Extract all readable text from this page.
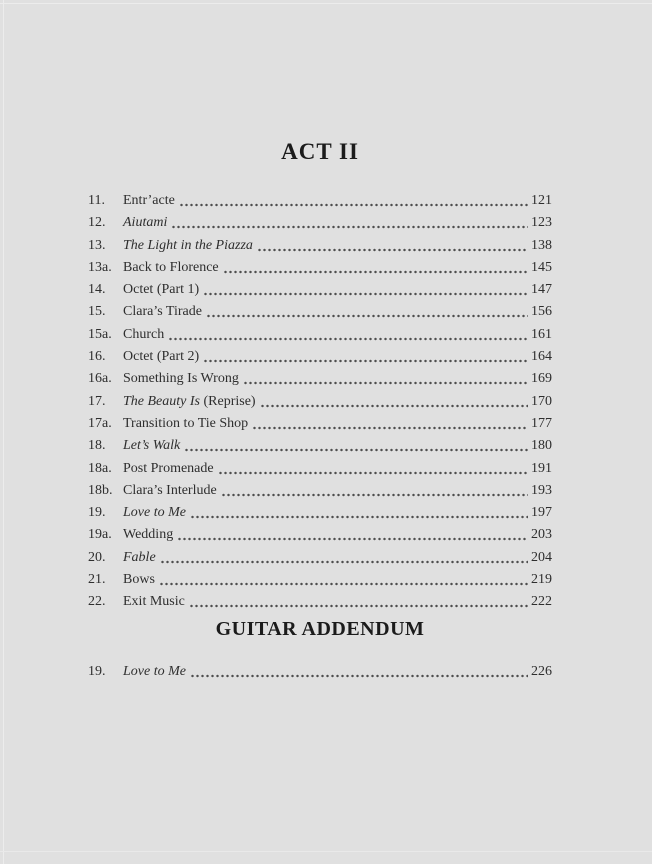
ACT II
11.	Entr’acte	121
12.	Aiutami	123
13.	The Light in the Piazza	138
13a. Back to Florence	145
14.	Octet (Part 1)	147
15.	Clara’s Tirade	156
15a. Church	161
16.	Octet (Part 2)	164
16a. Something Is Wrong	169
17.	The Beauty Is (Reprise)	170
17a. Transition to Tie Shop	177
18.	Let’s Walk	180
18a. Post Promenade	191
18b. Clara’s Interlude	193
19.	Love to Me	197
19a. Wedding	203
20.	Fable	204
21.	Bows	219
22.	Exit Music	222
GUITAR ADDENDUM
19.	Love to Me	226
